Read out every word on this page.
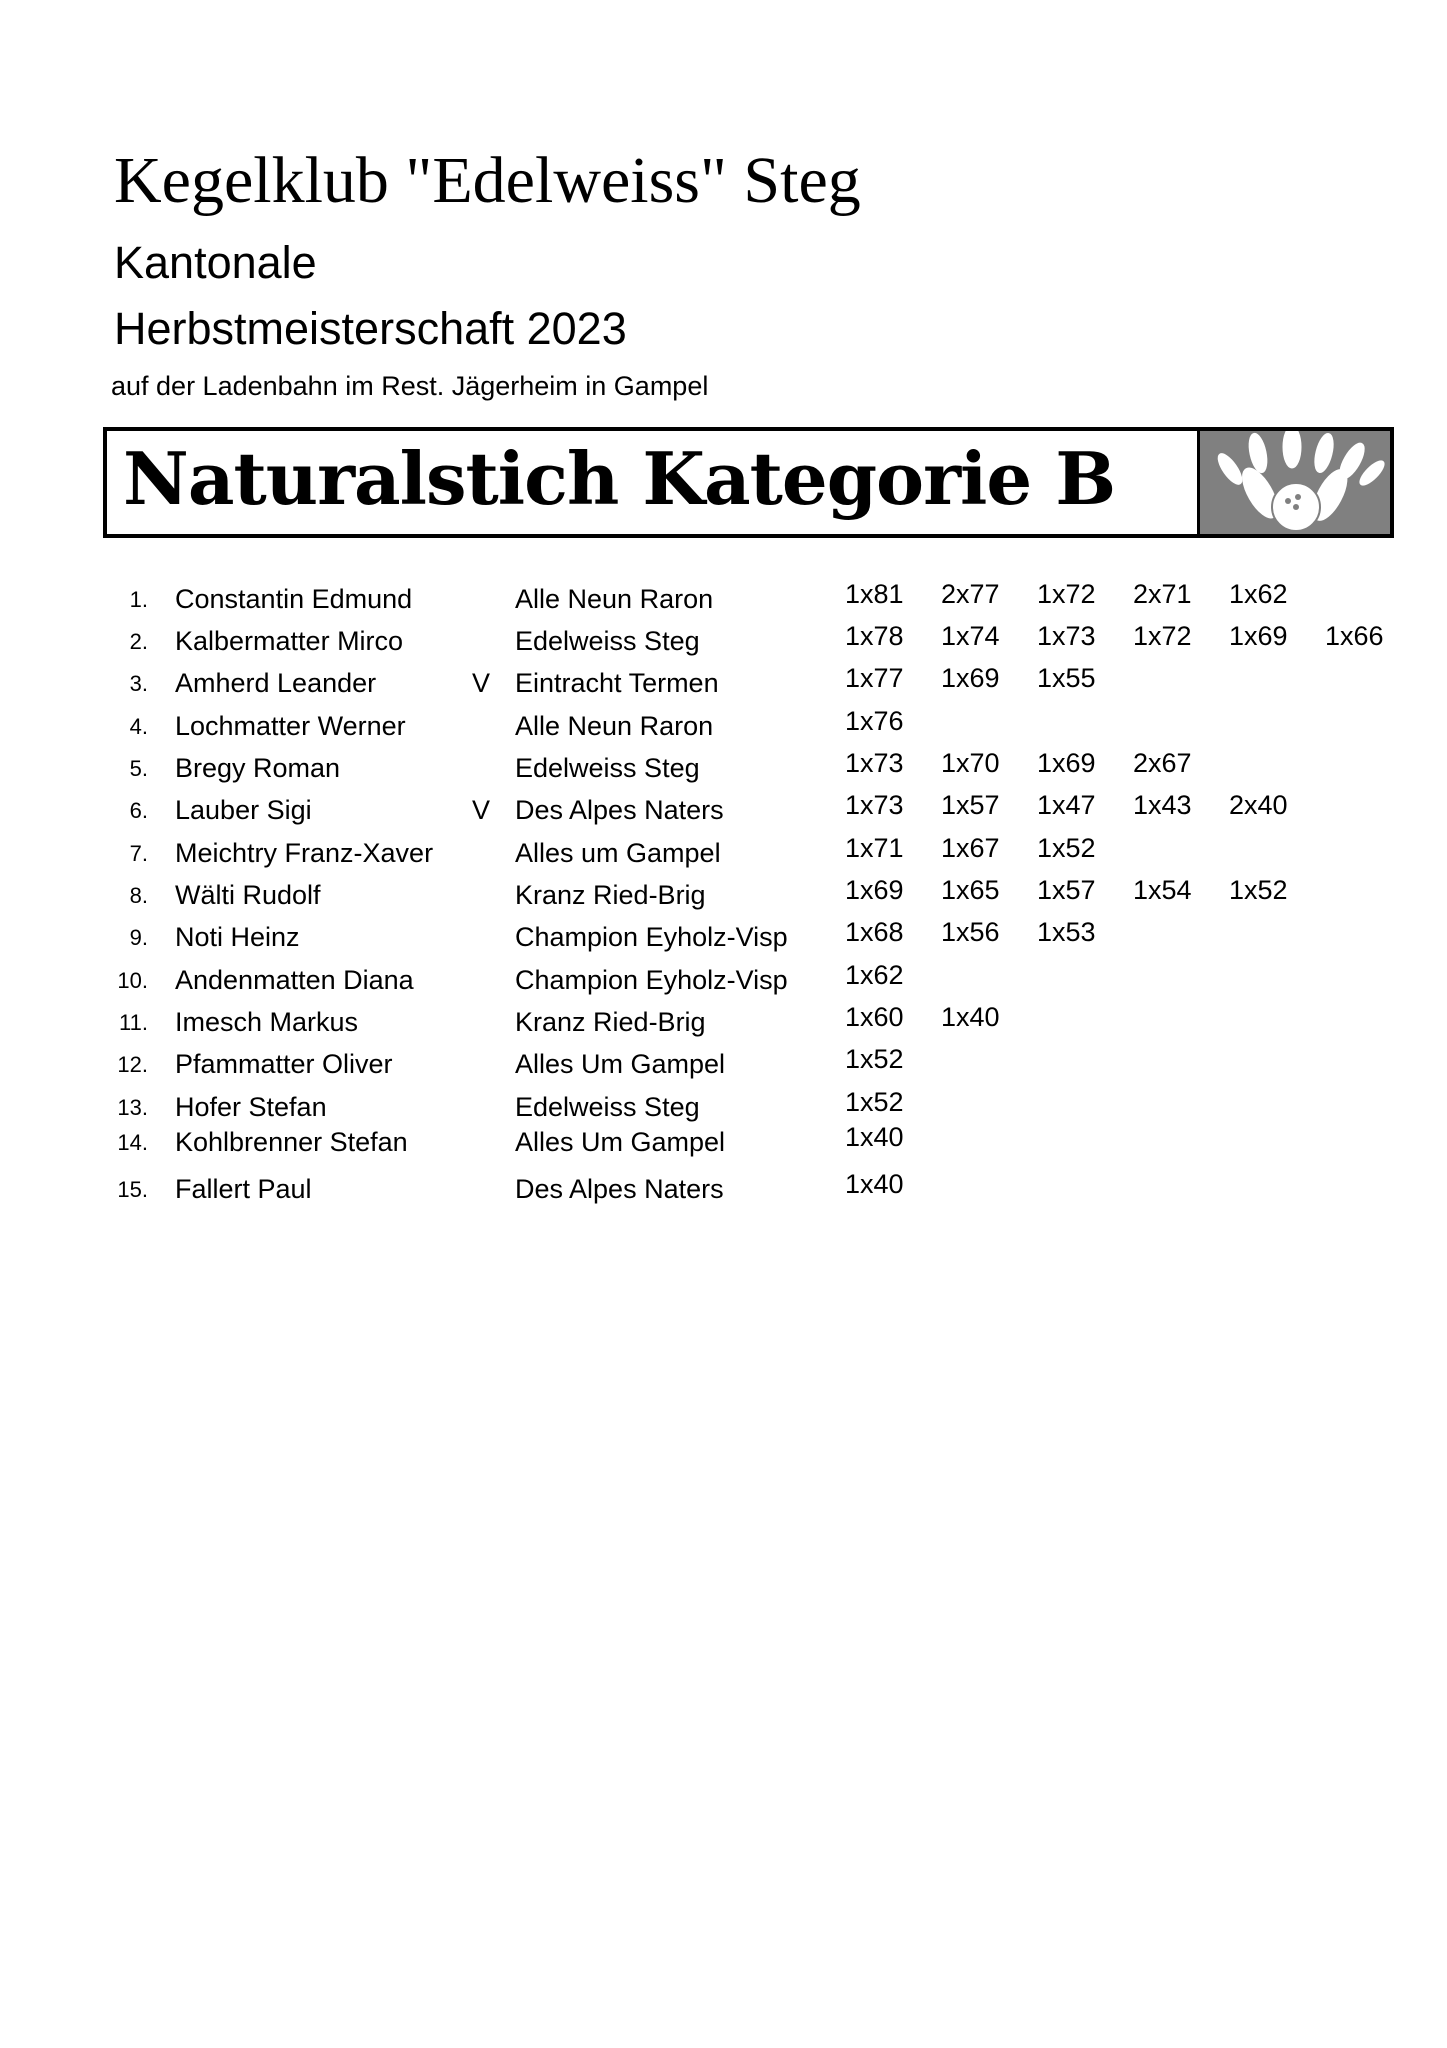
Kegelklub "Edelweiss" Steg
Kantonale
Herbstmeisterschaft 2023
auf der Ladenbahn im Rest. Jägerheim in Gampel
Naturalstich Kategorie B
1. Constantin Edmund	Alle Neun Raron	1x81 2x77 1x72 2x71 1x62
2. Kalbermatter Mirco	Edelweiss Steg	1x78 1x74 1x73 1x72 1x69 1x66
3. Amherd Leander	V Eintracht Termen	1x77 1x69 1x55
4. Lochmatter Werner	Alle Neun Raron	1x76
5. Bregy Roman	Edelweiss Steg	1x73 1x70 1x69 2x67
6. Lauber Sigi	V Des Alpes Naters	1x73 1x57 1x47 1x43 2x40
7. Meichtry Franz-Xaver	Alles um Gampel	1x71 1x67 1x52
8. Wälti Rudolf	Kranz Ried-Brig	1x69 1x65 1x57 1x54 1x52
9. Noti Heinz	Champion Eyholz-Visp 1x68 1x56 1x53
10. Andenmatten Diana	Champion Eyholz-Visp 1x62
11. Imesch Markus	Kranz Ried-Brig	1x60 1x40
12. Pfammatter Oliver	Alles Um Gampel	1x52
13. Hofer Stefan	Edelweiss Steg	1x52
14. Kohlbrenner Stefan	Alles Um Gampel	1x40
15. Fallert Paul	Des Alpes Naters	1x40
